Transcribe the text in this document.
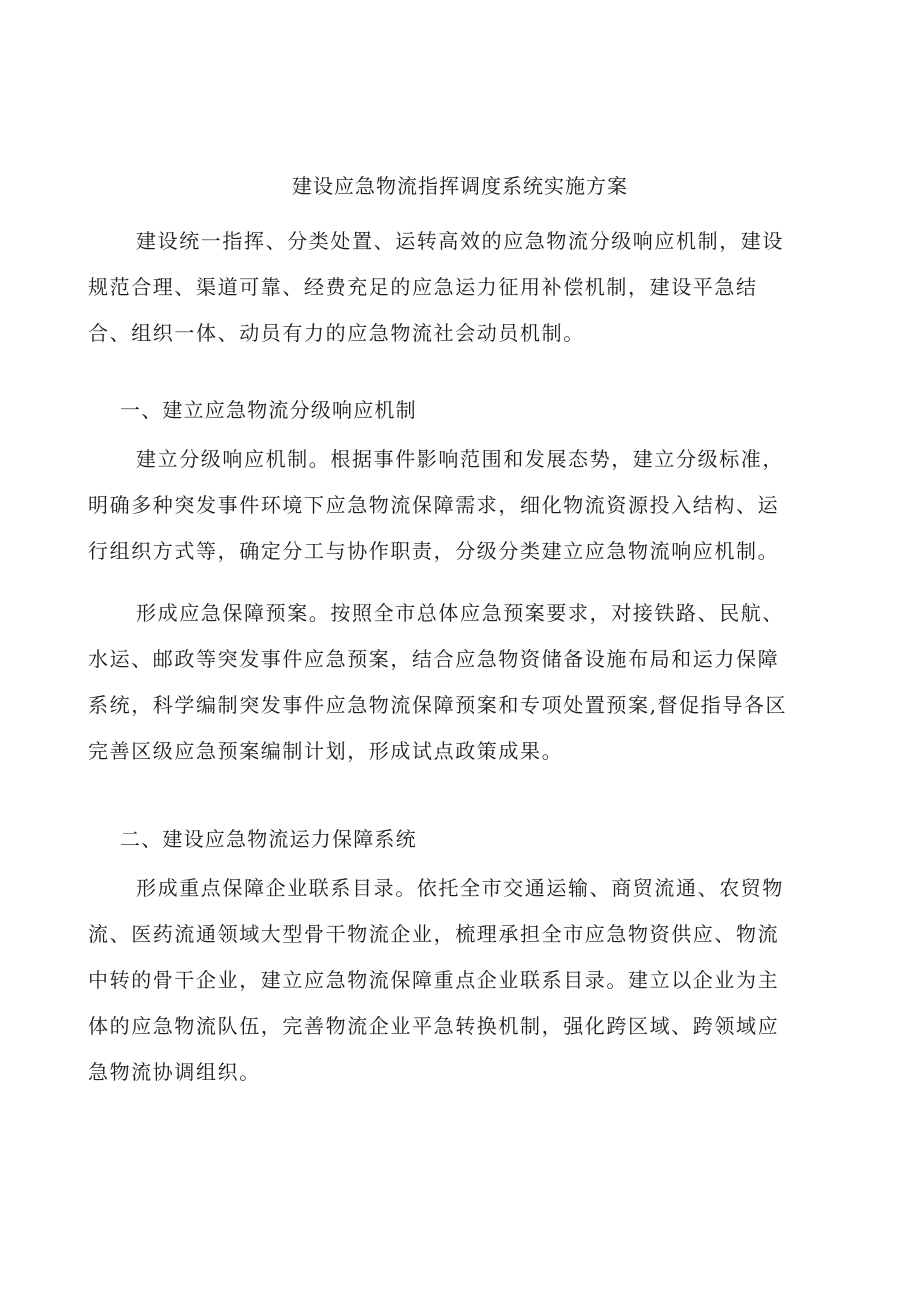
建设应急物流指挥调度系统实施方案

建设统一指挥、分类处置、运转高效的应急物流分级响应机制，建设
规范合理、渠道可靠、经费充足的应急运力征用补偿机制，建设平急结
合、组织一体、动员有力的应急物流社会动员机制。

一、建立应急物流分级响应机制

建立分级响应机制。根据事件影响范围和发展态势，建立分级标准，
明确多种突发事件环境下应急物流保障需求，细化物流资源投入结构、运
行组织方式等，确定分工与协作职责，分级分类建立应急物流响应机制。

形成应急保障预案。按照全市总体应急预案要求，对接铁路、民航、
水运、邮政等突发事件应急预案，结合应急物资储备设施布局和运力保障
系统，科学编制突发事件应急物流保障预案和专项处置预案,督促指导各区
完善区级应急预案编制计划，形成试点政策成果。

二、建设应急物流运力保障系统

形成重点保障企业联系目录。依托全市交通运输、商贸流通、农贸物
流、医药流通领域大型骨干物流企业，梳理承担全市应急物资供应、物流
中转的骨干企业，建立应急物流保障重点企业联系目录。建立以企业为主
体的应急物流队伍，完善物流企业平急转换机制，强化跨区域、跨领域应
急物流协调组织。
